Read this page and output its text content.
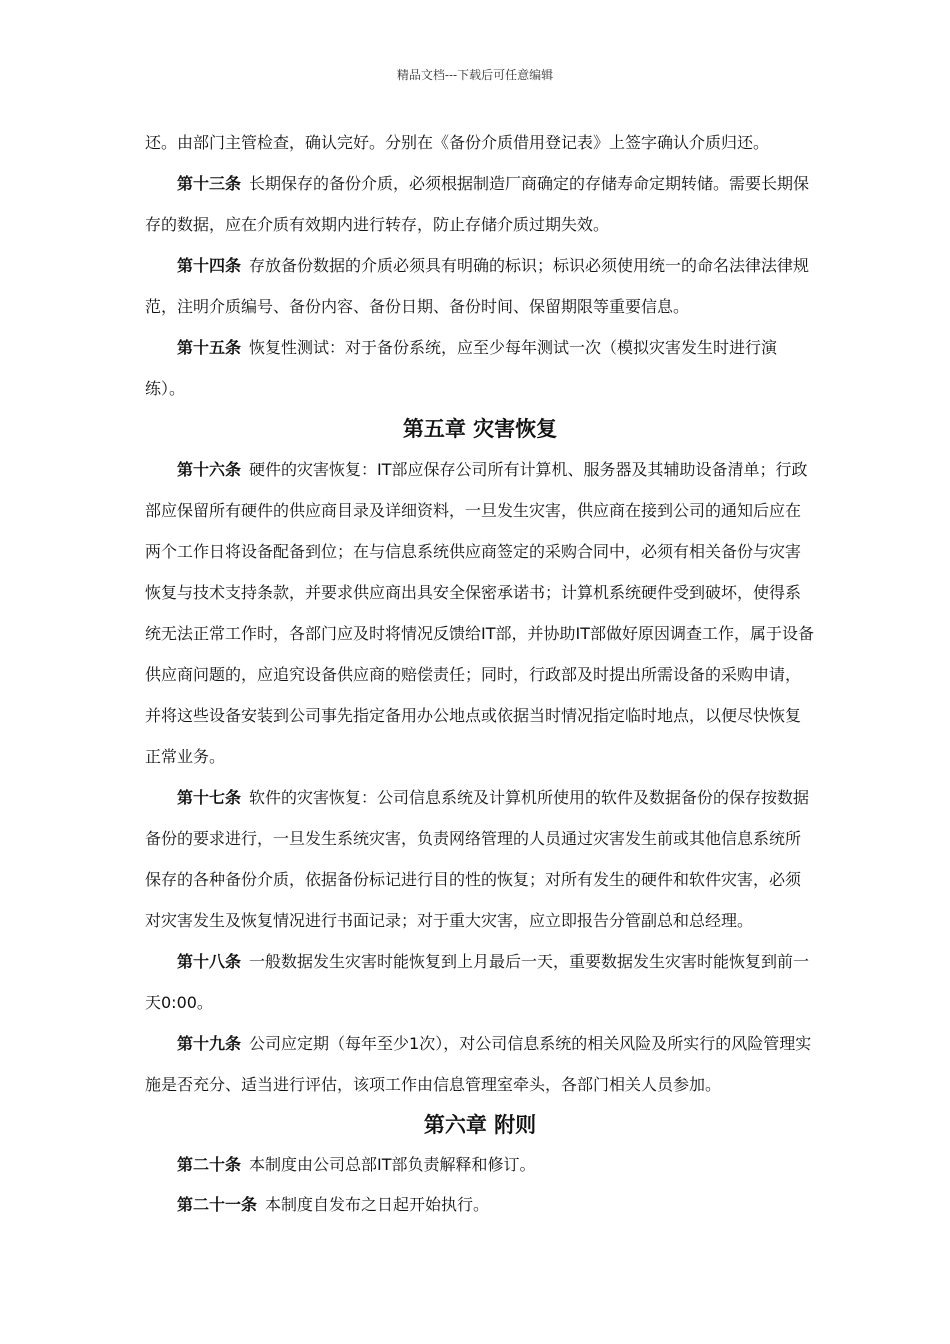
精品文档---下载后可任意编辑

还。由部门主管检查，确认完好。分别在《备份介质借用登记表》上签字确认介质归还。

第十三条 长期保存的备份介质，必须根据制造厂商确定的存储寿命定期转储。需要长期保存的数据，应在介质有效期内进行转存，防止存储介质过期失效。

第十四条 存放备份数据的介质必须具有明确的标识；标识必须使用统一的命名法律法律规范，注明介质编号、备份内容、备份日期、备份时间、保留期限等重要信息。

第十五条 恢复性测试：对于备份系统，应至少每年测试一次（模拟灾害发生时进行演练）。

第五章 灾害恢复

第十六条 硬件的灾害恢复：IT部应保存公司所有计算机、服务器及其辅助设备清单；行政部应保留所有硬件的供应商目录及详细资料，一旦发生灾害，供应商在接到公司的通知后应在两个工作日将设备配备到位；在与信息系统供应商签定的采购合同中，必须有相关备份与灾害恢复与技术支持条款，并要求供应商出具安全保密承诺书；计算机系统硬件受到破坏，使得系统无法正常工作时，各部门应及时将情况反馈给IT部，并协助IT部做好原因调查工作，属于设备供应商问题的，应追究设备供应商的赔偿责任；同时，行政部及时提出所需设备的采购申请，并将这些设备安装到公司事先指定备用办公地点或依据当时情况指定临时地点，以便尽快恢复正常业务。

第十七条 软件的灾害恢复：公司信息系统及计算机所使用的软件及数据备份的保存按数据备份的要求进行，一旦发生系统灾害，负责网络管理的人员通过灾害发生前或其他信息系统所保存的各种备份介质，依据备份标记进行目的性的恢复；对所有发生的硬件和软件灾害，必须对灾害发生及恢复情况进行书面记录；对于重大灾害，应立即报告分管副总和总经理。

第十八条 一般数据发生灾害时能恢复到上月最后一天，重要数据发生灾害时能恢复到前一天0:00。

第十九条 公司应定期（每年至少1次），对公司信息系统的相关风险及所实行的风险管理实施是否充分、适当进行评估，该项工作由信息管理室牵头，各部门相关人员参加。

第六章 附则

第二十条 本制度由公司总部IT部负责解释和修订。

第二十一条 本制度自发布之日起开始执行。
